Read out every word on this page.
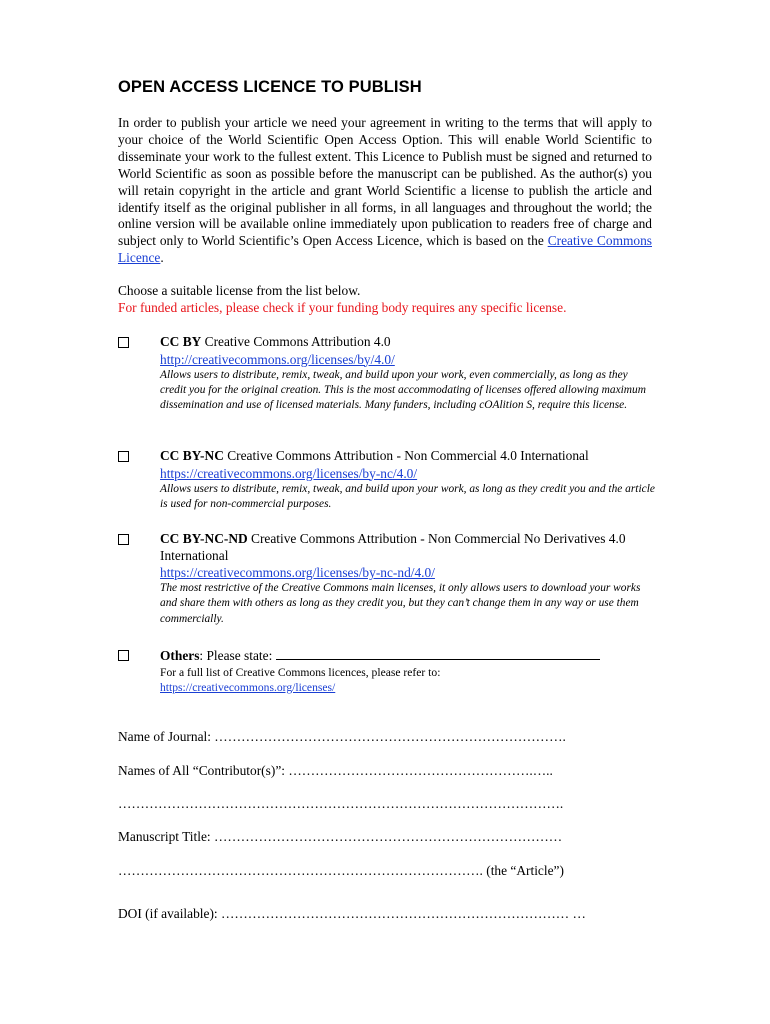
OPEN ACCESS LICENCE TO PUBLISH
In order to publish your article we need your agreement in writing to the terms that will apply to your choice of the World Scientific Open Access Option. This will enable World Scientific to disseminate your work to the fullest extent. This Licence to Publish must be signed and returned to World Scientific as soon as possible before the manuscript can be published. As the author(s) you will retain copyright in the article and grant World Scientific a license to publish the article and identify itself as the original publisher in all forms, in all languages and throughout the world; the online version will be available online immediately upon publication to readers free of charge and subject only to World Scientific’s Open Access Licence, which is based on the Creative Commons Licence.
Choose a suitable license from the list below.
For funded articles, please check if your funding body requires any specific license.
CC BY Creative Commons Attribution 4.0
http://creativecommons.org/licenses/by/4.0/
Allows users to distribute, remix, tweak, and build upon your work, even commercially, as long as they credit you for the original creation. This is the most accommodating of licenses offered allowing maximum dissemination and use of licensed materials. Many funders, including cOAlition S, require this license.
CC BY-NC Creative Commons Attribution - Non Commercial 4.0 International
https://creativecommons.org/licenses/by-nc/4.0/
Allows users to distribute, remix, tweak, and build upon your work, as long as they credit you and the article is used for non-commercial purposes.
CC BY-NC-ND Creative Commons Attribution - Non Commercial No Derivatives 4.0 International
https://creativecommons.org/licenses/by-nc-nd/4.0/
The most restrictive of the Creative Commons main licenses, it only allows users to download your works and share them with others as long as they credit you, but they can’t change them in any way or use them commercially.
Others: Please state:
For a full list of Creative Commons licences, please refer to:
https://creativecommons.org/licenses/
Name of Journal: …………………………………………………………………….
Names of All “Contributor(s)”: ……………………………………………….…..
……………………………………………………………………………………….
Manuscript Title: ……………………………………………………………………
………………………………………………………………………. (the “Article”)
DOI (if available): …………………………………………………………………… …
